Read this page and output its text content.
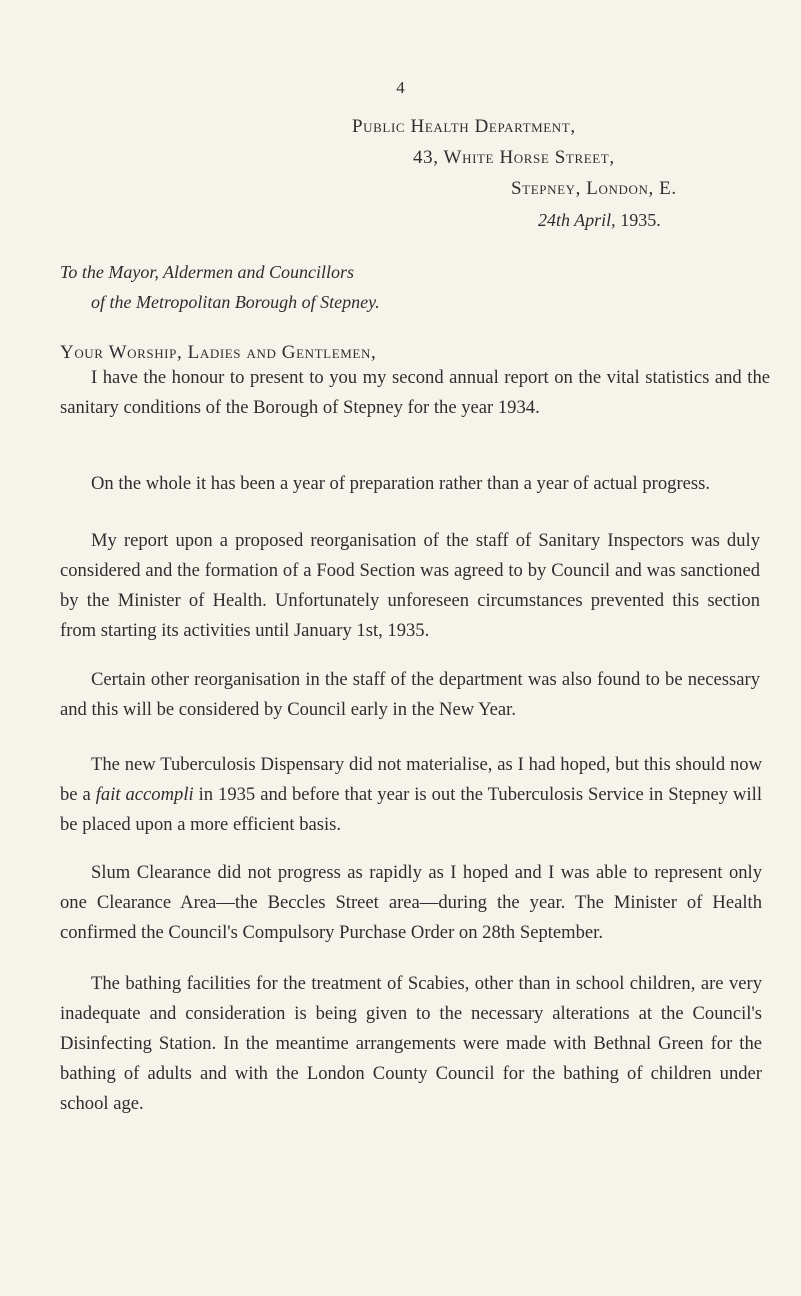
4
Public Health Department,
43, White Horse Street,
Stepney, London, E.
24th April, 1935.
To the Mayor, Aldermen and Councillors
of the Metropolitan Borough of Stepney.
Your Worship, Ladies and Gentlemen,

I have the honour to present to you my second annual report on the vital statistics and the sanitary conditions of the Borough of Stepney for the year 1934.

On the whole it has been a year of preparation rather than a year of actual progress.

My report upon a proposed reorganisation of the staff of Sanitary Inspectors was duly considered and the formation of a Food Section was agreed to by Council and was sanctioned by the Minister of Health. Unfortunately unforeseen circumstances prevented this section from starting its activities until January 1st, 1935.

Certain other reorganisation in the staff of the department was also found to be necessary and this will be considered by Council early in the New Year.

The new Tuberculosis Dispensary did not materialise, as I had hoped, but this should now be a fait accompli in 1935 and before that year is out the Tuberculosis Service in Stepney will be placed upon a more efficient basis.

Slum Clearance did not progress as rapidly as I hoped and I was able to represent only one Clearance Area—the Beccles Street area—during the year. The Minister of Health confirmed the Council's Compulsory Purchase Order on 28th September.

The bathing facilities for the treatment of Scabies, other than in school children, are very inadequate and consideration is being given to the necessary alterations at the Council's Disinfecting Station. In the meantime arrangements were made with Bethnal Green for the bathing of adults and with the London County Council for the bathing of children under school age.
